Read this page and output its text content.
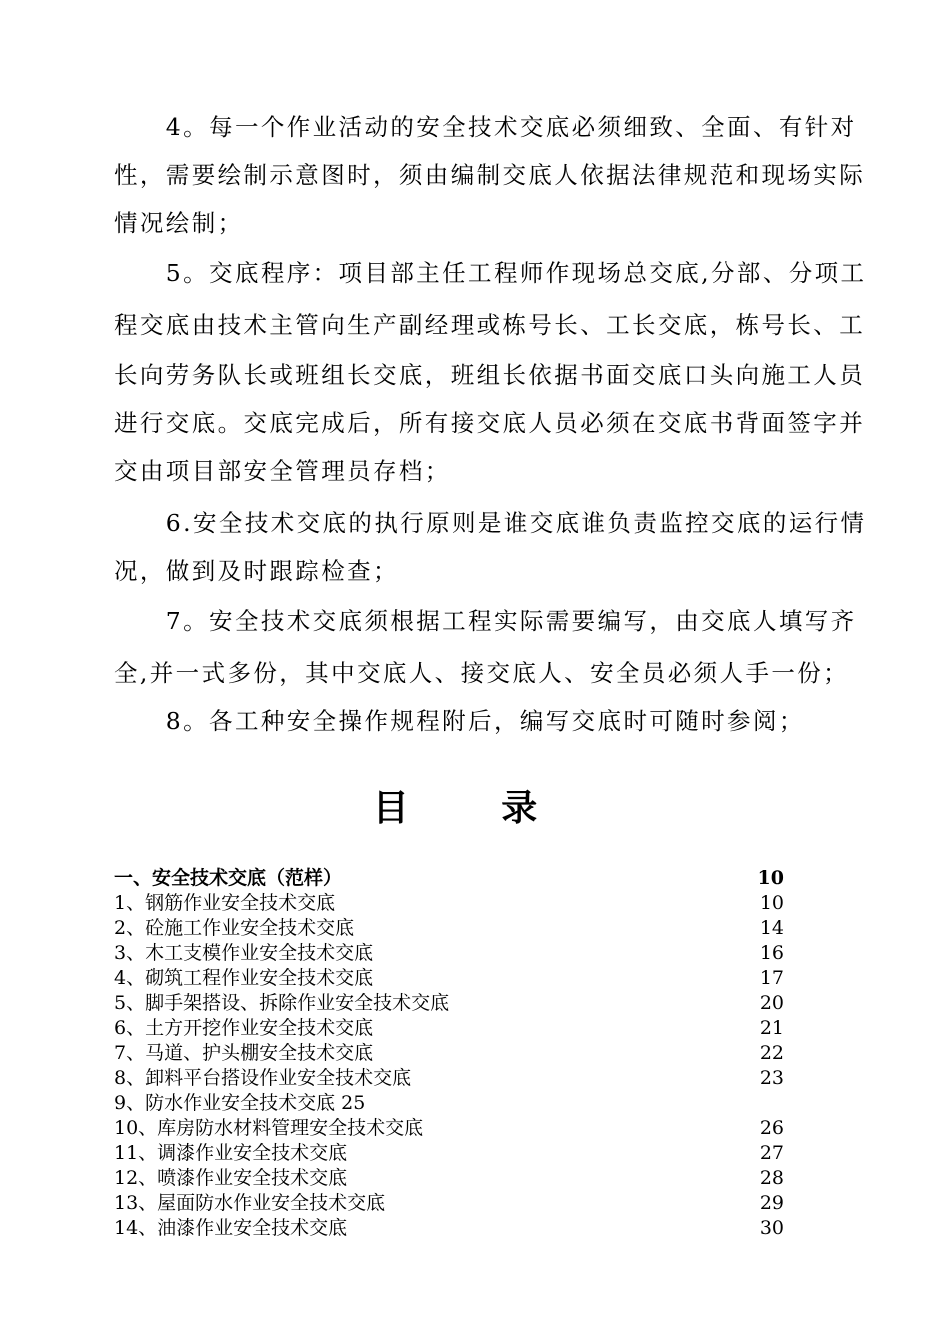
　　4。每一个作业活动的安全技术交底必须细致、全面、有针对
性，需要绘制示意图时，须由编制交底人依据法律规范和现场实际
情况绘制；
　　5。交底程序：项目部主任工程师作现场总交底,分部、分项工
程交底由技术主管向生产副经理或栋号长、工长交底，栋号长、工
长向劳务队长或班组长交底，班组长依据书面交底口头向施工人员
进行交底。交底完成后，所有接交底人员必须在交底书背面签字并
交由项目部安全管理员存档；
　　6.安全技术交底的执行原则是谁交底谁负责监控交底的运行情
况，做到及时跟踪检查；
　　7。安全技术交底须根据工程实际需要编写，由交底人填写齐
全,并一式多份，其中交底人、接交底人、安全员必须人手一份；
　　8。各工种安全操作规程附后，编写交底时可随时参阅；
目 录
一、安全技术交底（范样）	10
1、钢筋作业安全技术交底	10
2、砼施工作业安全技术交底	14
3、木工支模作业安全技术交底	16
4、砌筑工程作业安全技术交底	17
5、脚手架搭设、拆除作业安全技术交底	20
6、土方开挖作业安全技术交底	21
7、马道、护头棚安全技术交底	22
8、卸料平台搭设作业安全技术交底	23
9、防水作业安全技术交底 25
10、库房防水材料管理安全技术交底	26
11、调漆作业安全技术交底	27
12、喷漆作业安全技术交底	28
13、屋面防水作业安全技术交底	29
14、油漆作业安全技术交底	30
